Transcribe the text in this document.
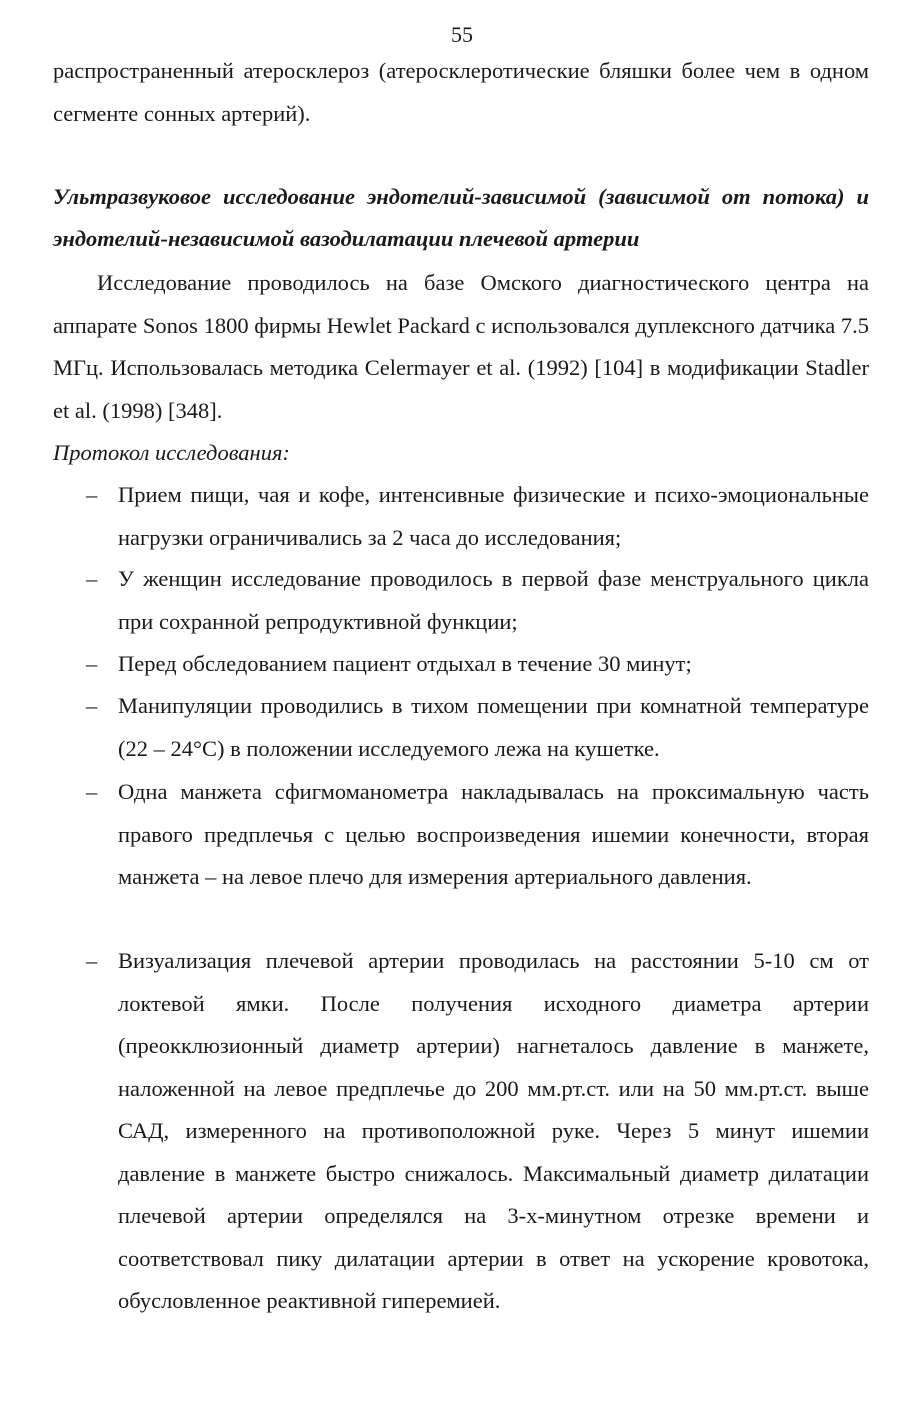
55
распространенный атеросклероз (атеросклеротические бляшки более чем в одном сегменте сонных артерий).
Ультразвуковое исследование эндотелий-зависимой (зависимой от потока) и эндотелий-независимой вазодилатации плечевой артерии
Исследование проводилось на базе Омского диагностического центра на аппарате Sonos 1800 фирмы Hewlet Packard с использовался дуплексного датчика 7.5 МГц. Использовалась методика Celermayer et al. (1992) [104] в модификации Stadler et al. (1998) [348].
Протокол исследования:
– Прием пищи, чая и кофе, интенсивные физические и психо-эмоциональные нагрузки ограничивались за 2 часа до исследования;
– У женщин исследование проводилось в первой фазе менструального цикла при сохранной репродуктивной функции;
– Перед обследованием пациент отдыхал в течение 30 минут;
– Манипуляции проводились в тихом помещении при комнатной температуре (22 – 24°С) в положении исследуемого лежа на кушетке.
– Одна манжета сфигмоманометра накладывалась на проксимальную часть правого предплечья с целью воспроизведения ишемии конечности, вторая манжета – на левое плечо для измерения артериального давления.
– Визуализация плечевой артерии проводилась на расстоянии 5-10 см от локтевой ямки. После получения исходного диаметра артерии (преокклюзионный диаметр артерии) нагнеталось давление в манжете, наложенной на левое предплечье до 200 мм.рт.ст. или на 50 мм.рт.ст. выше САД, измеренного на противоположной руке. Через 5 минут ишемии давление в манжете быстро снижалось. Максимальный диаметр дилатации плечевой артерии определялся на 3-х-минутном отрезке времени и соответствовал пику дилатации артерии в ответ на ускорение кровотока, обусловленное реактивной гиперемией.
